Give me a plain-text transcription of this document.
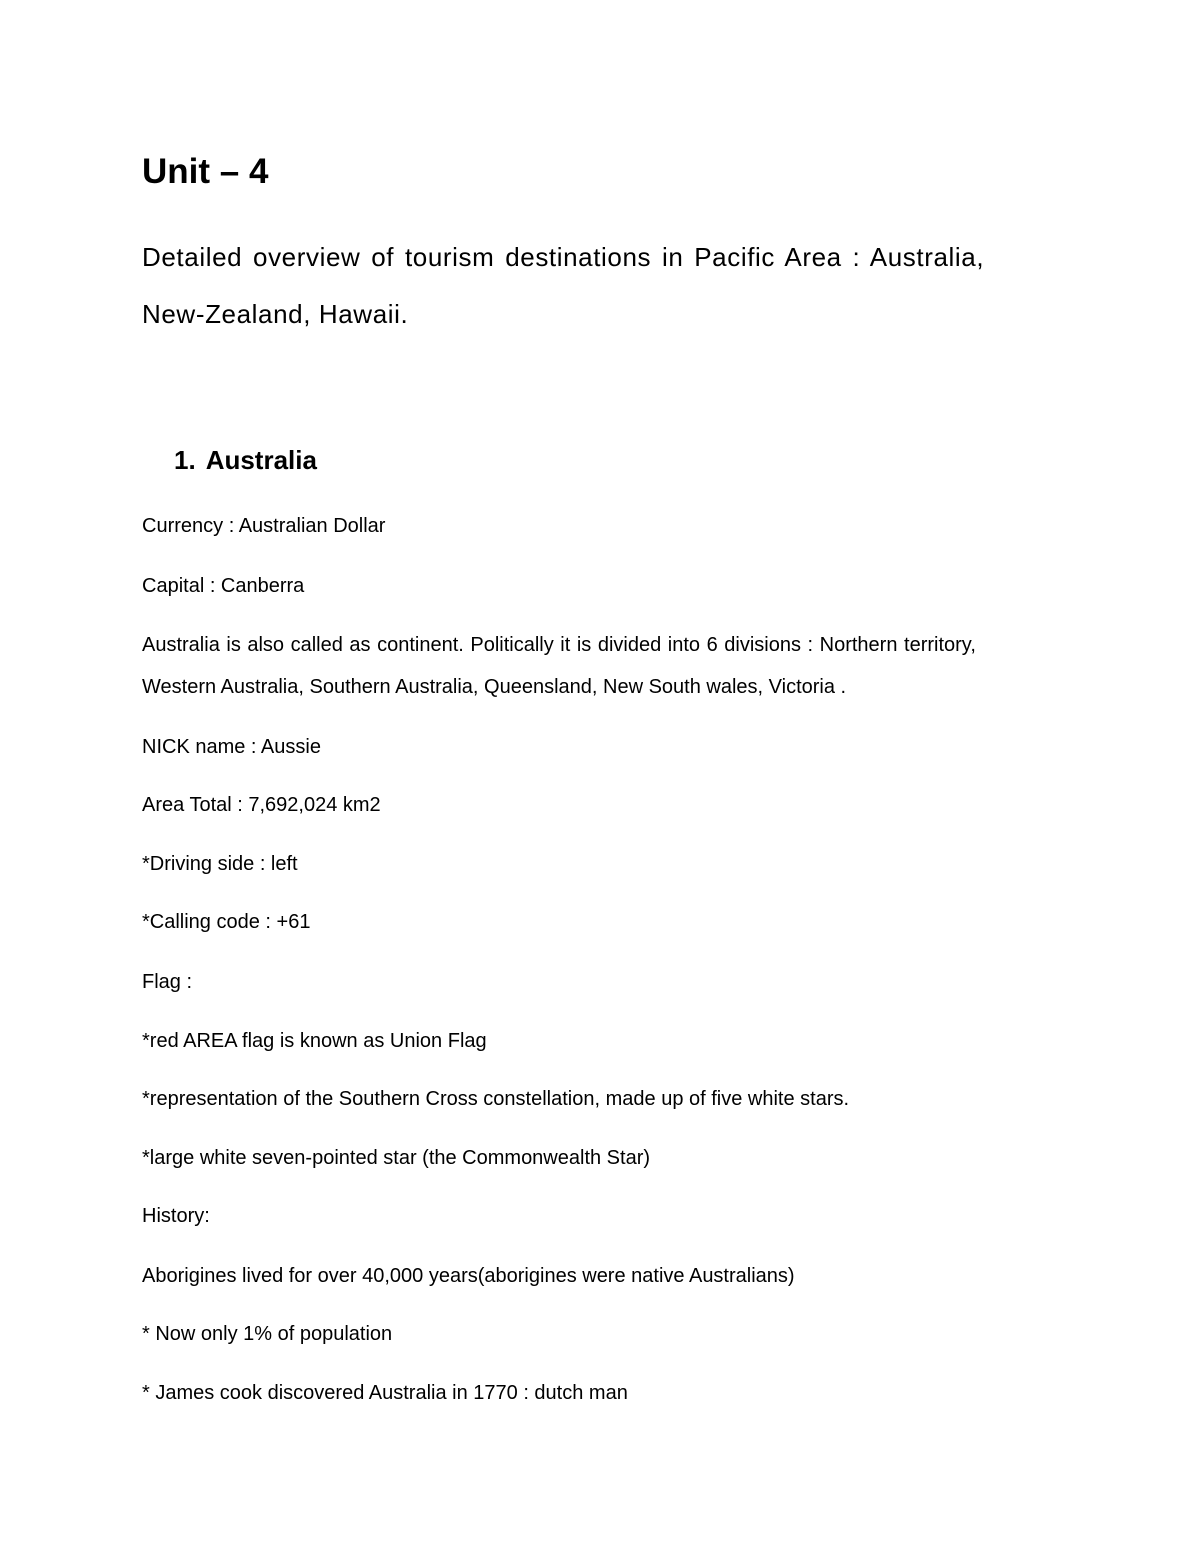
Unit – 4

Detailed overview of tourism destinations in Pacific Area : Australia,

New-Zealand, Hawaii.

1. Australia

Currency : Australian Dollar

Capital : Canberra

Australia is also called as continent. Politically it is divided into 6 divisions : Northern territory,

Western Australia, Southern Australia, Queensland, New South wales, Victoria .

NICK name : Aussie

Area Total : 7,692,024 km2

*Driving side : left

*Calling code : +61

Flag :

*red AREA flag is known as Union Flag

*representation of the Southern Cross constellation, made up of five white stars.

*large white seven-pointed star (the Commonwealth Star)

History:

Aborigines lived for over 40,000 years(aborigines were native Australians)

* Now only 1% of population

* James cook discovered Australia in 1770 : dutch man
